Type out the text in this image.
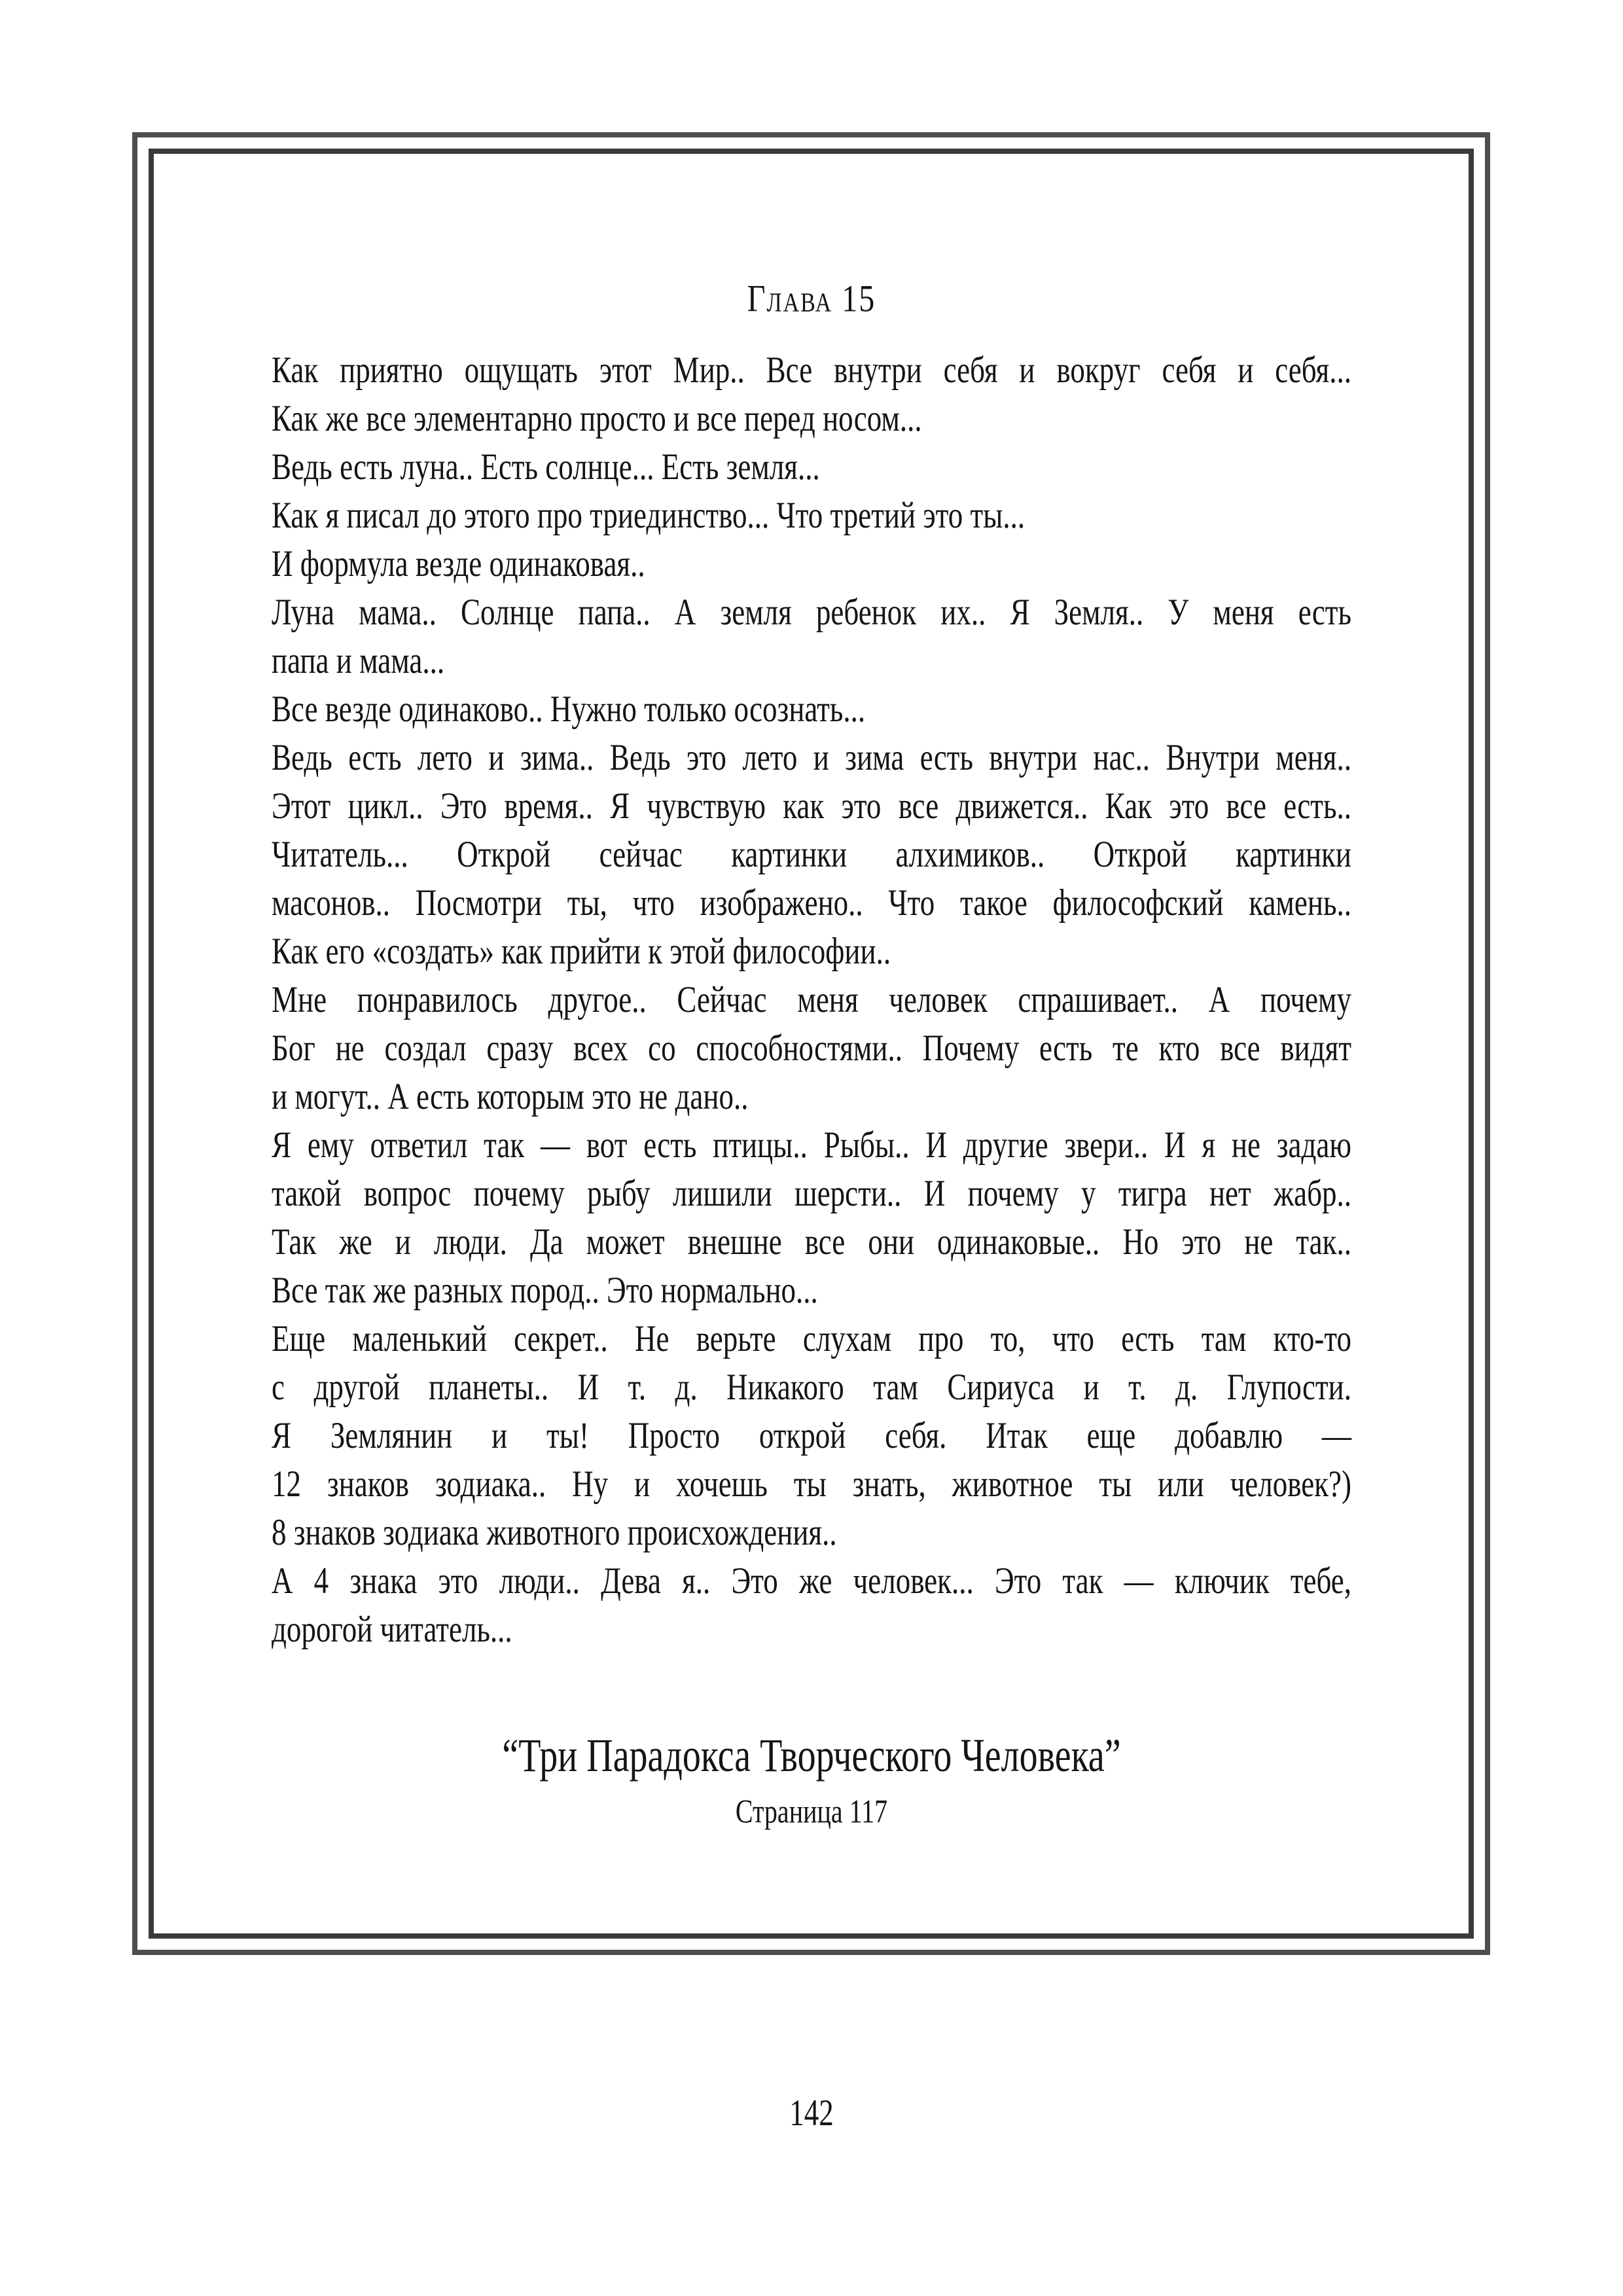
Глава 15
Как приятно ощущать этот Мир.. Все внутри себя и вокруг себя и себя...
Как же все элементарно просто и все перед носом...
Ведь есть луна.. Есть солнце... Есть земля...
Как я писал до этого про триединство... Что третий это ты...
И формула везде одинаковая..
Луна мама.. Солнце папа.. А земля ребенок их.. Я Земля.. У меня есть
папа и мама...
Все везде одинаково.. Нужно только осознать...
Ведь есть лето и зима.. Ведь это лето и зима есть внутри нас.. Внутри меня..
Этот цикл.. Это время.. Я чувствую как это все движется.. Как это все есть..
Читатель... Открой сейчас картинки алхимиков.. Открой картинки
масонов.. Посмотри ты, что изображено.. Что такое философский камень..
Как его «создать» как прийти к этой философии..
Мне понравилось другое.. Сейчас меня человек спрашивает.. А почему
Бог не создал сразу всех со способностями.. Почему есть те кто все видят
и могут.. А есть которым это не дано..
Я ему ответил так — вот есть птицы.. Рыбы.. И другие звери.. И я не задаю
такой вопрос почему рыбу лишили шерсти.. И почему у тигра нет жабр..
Так же и люди. Да может внешне все они одинаковые.. Но это не так..
Все так же разных пород.. Это нормально...
Еще маленький секрет.. Не верьте слухам про то, что есть там кто-то
с другой планеты.. И т. д. Никакого там Сириуса и т. д. Глупости.
Я Землянин и ты! Просто открой себя. Итак еще добавлю —
12 знаков зодиака.. Ну и хочешь ты знать, животное ты или человек?)
8 знаков зодиака животного происхождения..
А 4 знака это люди.. Дева я.. Это же человек... Это так — ключик тебе,
дорогой читатель...
“Три Парадокса Творческого Человека”
Страница 117
142
